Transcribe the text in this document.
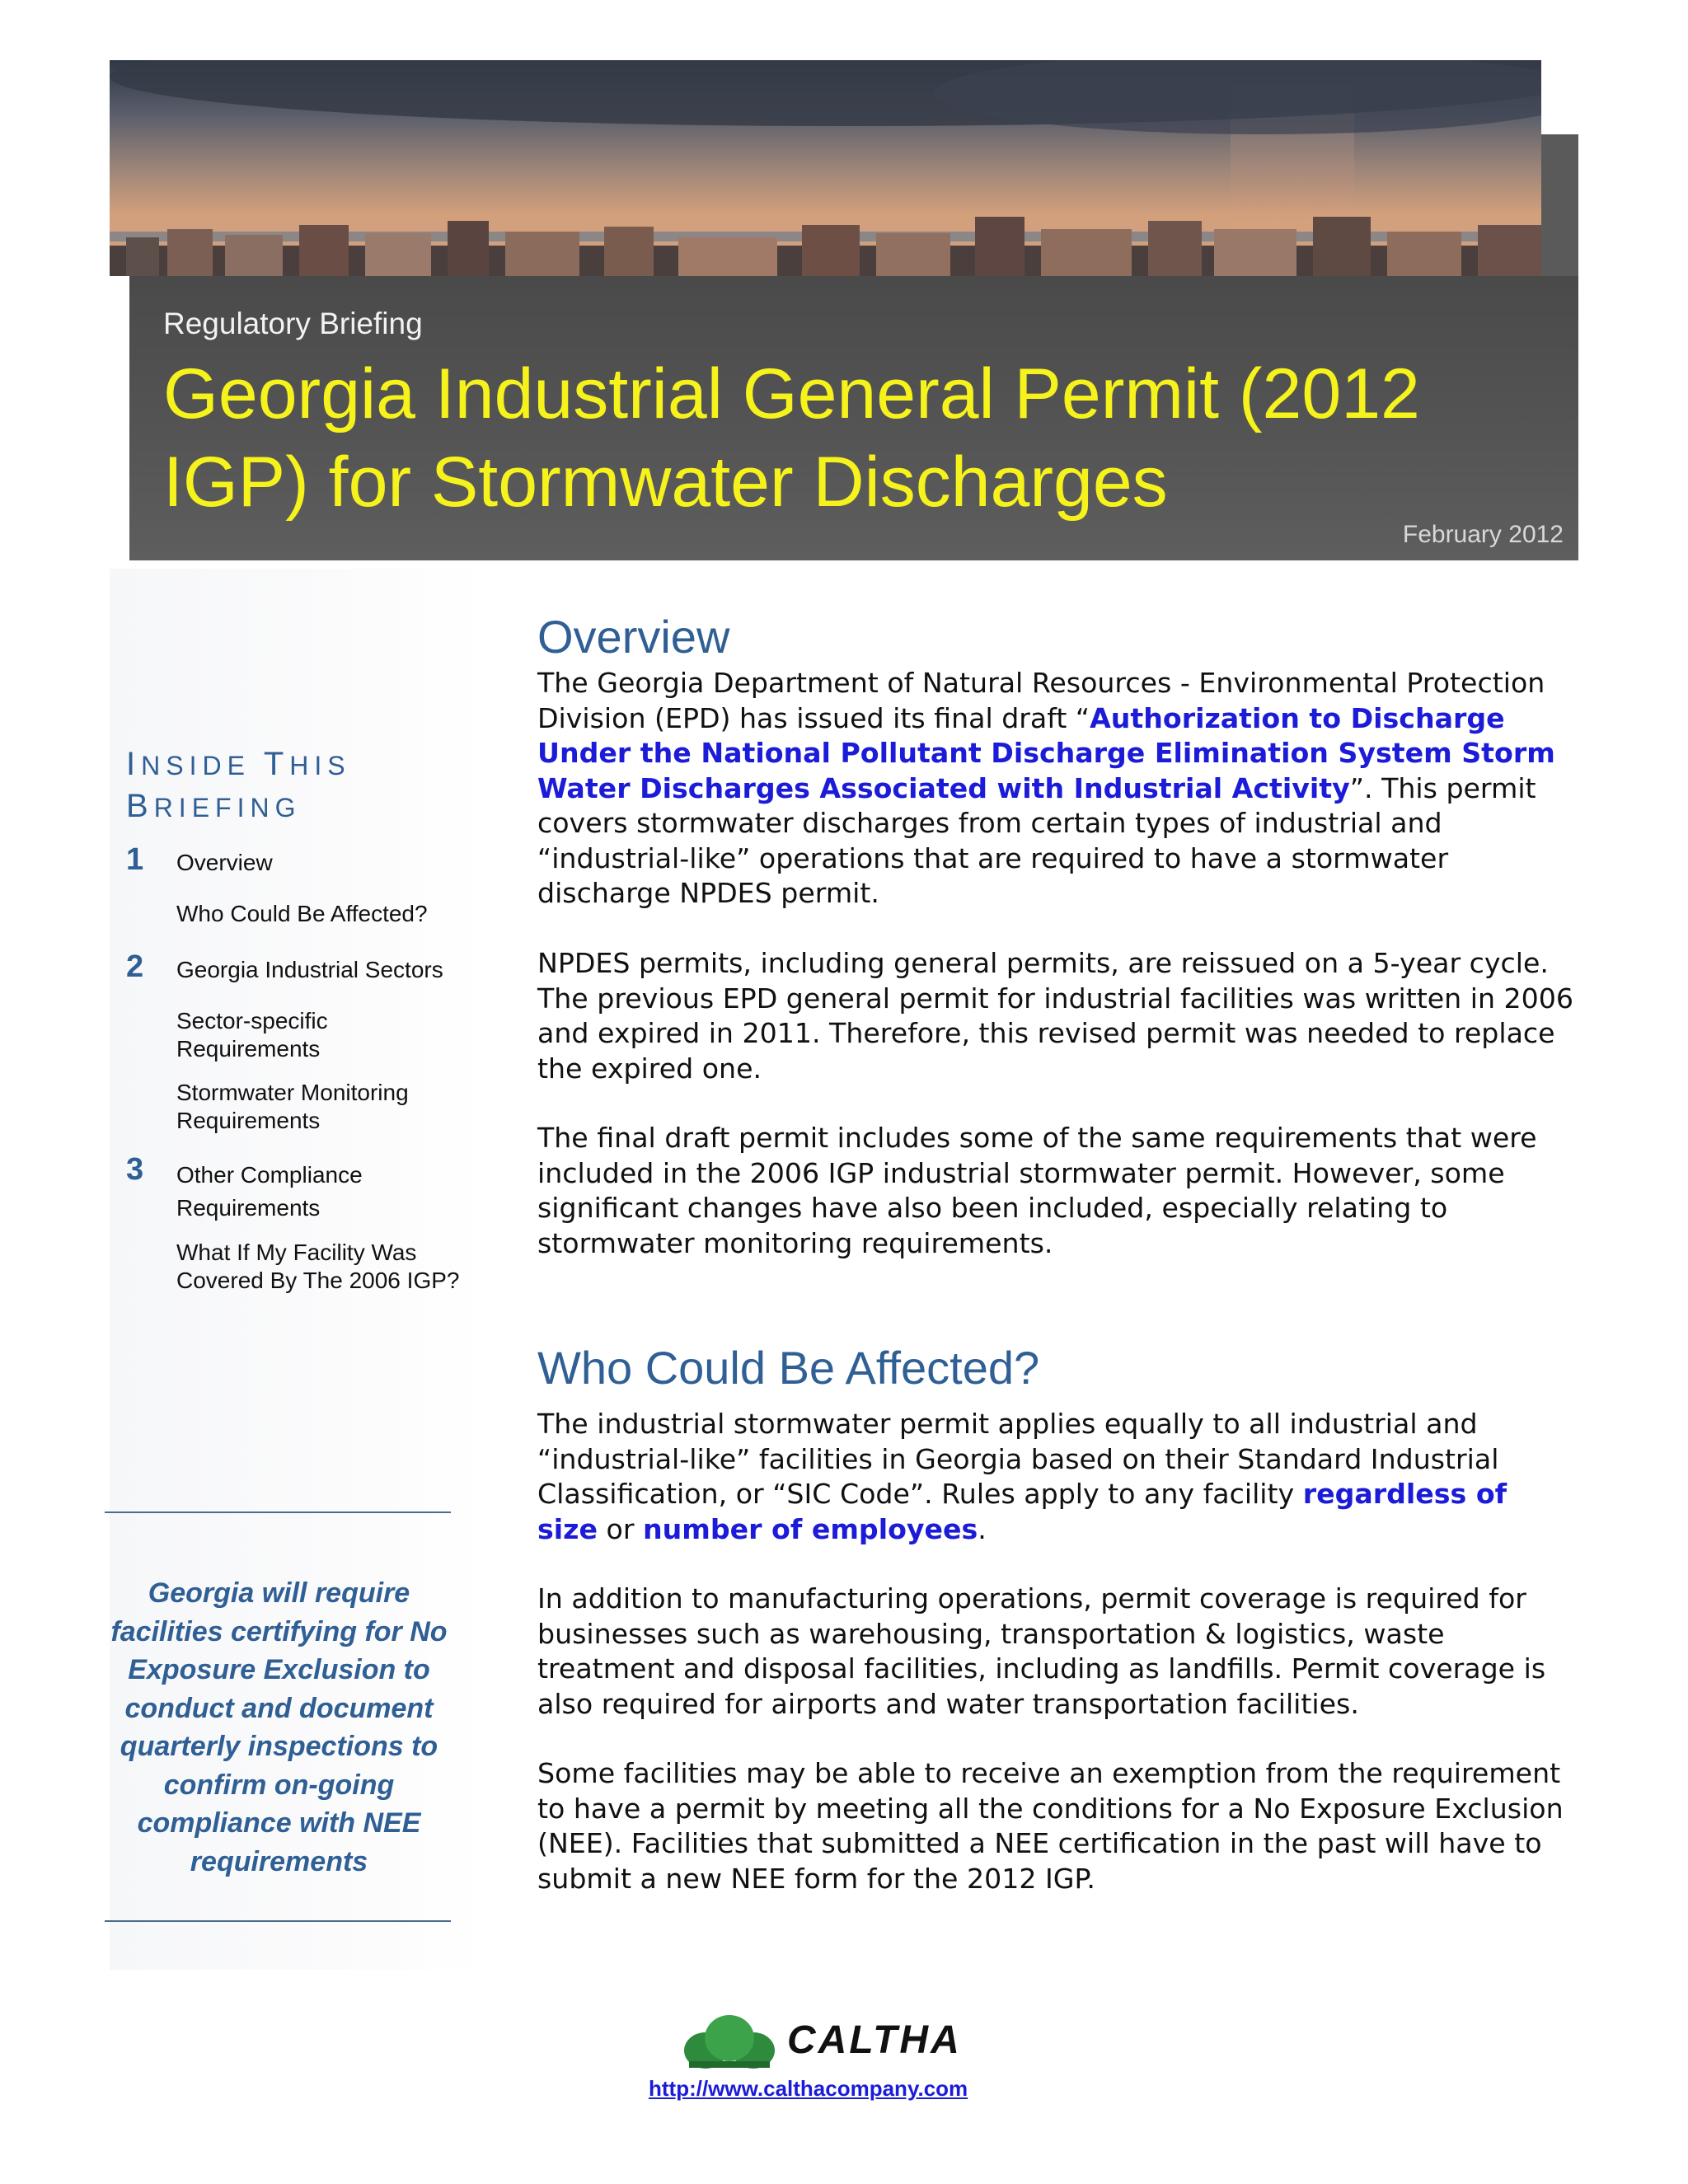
Regulatory Briefing
Georgia Industrial General Permit (2012 IGP) for Stormwater Discharges
February 2012
INSIDE THIS
BRIEFING
1 Overview
Who Could Be Affected?
2 Georgia Industrial Sectors
Sector-specific Requirements
Stormwater Monitoring Requirements
3 Other Compliance Requirements
What If My Facility Was Covered By The 2006 IGP?
Georgia will require facilities certifying for No Exposure Exclusion to conduct and document quarterly inspections to confirm on-going compliance with NEE requirements
Overview

The Georgia Department of Natural Resources - Environmental Protection Division (EPD) has issued its final draft “Authorization to Discharge Under the National Pollutant Discharge Elimination System Storm Water Discharges Associated with Industrial Activity”. This permit covers stormwater discharges from certain types of industrial and “industrial-like” operations that are required to have a stormwater discharge NPDES permit.

NPDES permits, including general permits, are reissued on a 5-year cycle. The previous EPD general permit for industrial facilities was written in 2006 and expired in 2011. Therefore, this revised permit was needed to replace the expired one.

The final draft permit includes some of the same requirements that were included in the 2006 IGP industrial stormwater permit. However, some significant changes have also been included, especially relating to stormwater monitoring requirements.

Who Could Be Affected?

The industrial stormwater permit applies equally to all industrial and “industrial-like” facilities in Georgia based on their Standard Industrial Classification, or “SIC Code”. Rules apply to any facility regardless of size or number of employees.

In addition to manufacturing operations, permit coverage is required for businesses such as warehousing, transportation & logistics, waste treatment and disposal facilities, including as landfills. Permit coverage is also required for airports and water transportation facilities.

Some facilities may be able to receive an exemption from the requirement to have a permit by meeting all the conditions for a No Exposure Exclusion (NEE). Facilities that submitted a NEE certification in the past will have to submit a new NEE form for the 2012 IGP.

CALTHA
http://www.calthacompany.com
